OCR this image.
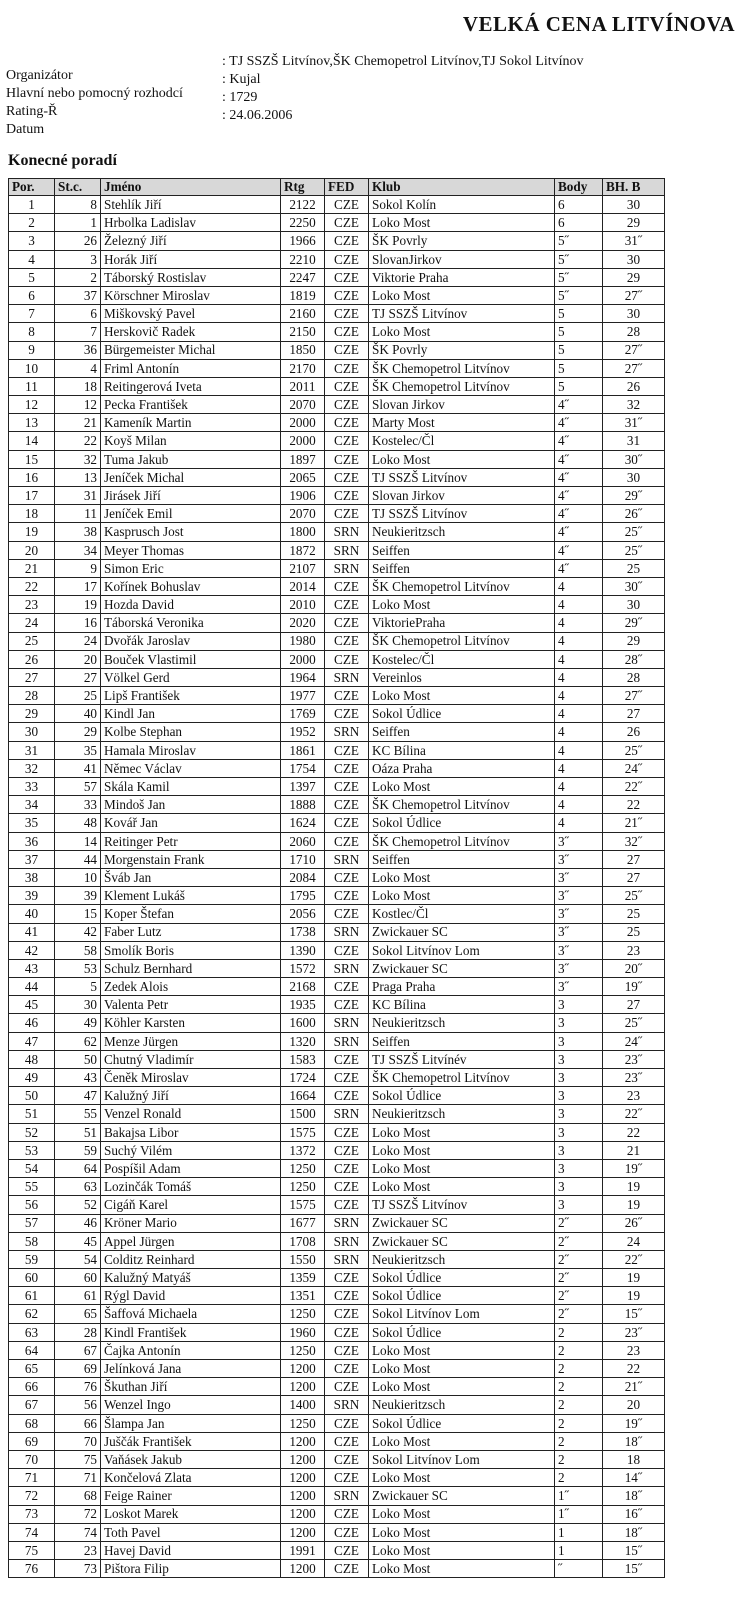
VELKÁ CENA LITVÍNOVA
Organizátor
: TJ SSZŠ Litvínov,ŠK Chemopetrol Litvínov,TJ Sokol Litvínov
Hlavní nebo pomocný rozhodcí
: Kujal
Rating-Ř
: 1729
Datum
: 24.06.2006
Konecné poradí
Por.	St.c.	Jméno	Rtg	FED	Klub	Body	BH. B
1	8	Stehlík Jiří	2122	CZE	Sokol Kolín	6	30
2	1	Hrbolka Ladislav	2250	CZE	Loko Most	6	29
3	26	Železný Jiří	1966	CZE	ŠK Povrly	5˝	31˝
4	3	Horák Jiří	2210	CZE	SlovanJirkov	5˝	30
5	2	Táborský Rostislav	2247	CZE	Viktorie Praha	5˝	29
6	37	Körschner Miroslav	1819	CZE	Loko Most	5˝	27˝
7	6	Miškovský Pavel	2160	CZE	TJ SSZŠ Litvínov	5	30
8	7	Herskovič Radek	2150	CZE	Loko Most	5	28
9	36	Bürgemeister Michal	1850	CZE	ŠK Povrly	5	27˝
10	4	Friml Antonín	2170	CZE	ŠK Chemopetrol Litvínov	5	27˝
11	18	Reitingerová Iveta	2011	CZE	ŠK Chemopetrol Litvínov	5	26
12	12	Pecka František	2070	CZE	Slovan Jirkov	4˝	32
13	21	Kameník Martin	2000	CZE	Marty Most	4˝	31˝
14	22	Koyš Milan	2000	CZE	Kostelec/Čl	4˝	31
15	32	Tuma Jakub	1897	CZE	Loko Most	4˝	30˝
16	13	Jeníček Michal	2065	CZE	TJ SSZŠ Litvínov	4˝	30
17	31	Jirásek Jiří	1906	CZE	Slovan Jirkov	4˝	29˝
18	11	Jeníček Emil	2070	CZE	TJ SSZŠ Litvínov	4˝	26˝
19	38	Kasprusch Jost	1800	SRN	Neukieritzsch	4˝	25˝
20	34	Meyer Thomas	1872	SRN	Seiffen	4˝	25˝
21	9	Simon Eric	2107	SRN	Seiffen	4˝	25
22	17	Kořínek Bohuslav	2014	CZE	ŠK Chemopetrol Litvínov	4	30˝
23	19	Hozda David	2010	CZE	Loko Most	4	30
24	16	Táborská Veronika	2020	CZE	ViktoriePraha	4	29˝
25	24	Dvořák Jaroslav	1980	CZE	ŠK Chemopetrol Litvínov	4	29
26	20	Bouček Vlastimil	2000	CZE	Kostelec/Čl	4	28˝
27	27	Völkel Gerd	1964	SRN	Vereinlos	4	28
28	25	Lipš František	1977	CZE	Loko Most	4	27˝
29	40	Kindl Jan	1769	CZE	Sokol Údlice	4	27
30	29	Kolbe Stephan	1952	SRN	Seiffen	4	26
31	35	Hamala Miroslav	1861	CZE	KC Bílina	4	25˝
32	41	Němec Václav	1754	CZE	Oáza Praha	4	24˝
33	57	Skála Kamil	1397	CZE	Loko Most	4	22˝
34	33	Mindoš Jan	1888	CZE	ŠK Chemopetrol Litvínov	4	22
35	48	Kovář Jan	1624	CZE	Sokol Údlice	4	21˝
36	14	Reitinger Petr	2060	CZE	ŠK Chemopetrol Litvínov	3˝	32˝
37	44	Morgenstain Frank	1710	SRN	Seiffen	3˝	27
38	10	Šváb Jan	2084	CZE	Loko Most	3˝	27
39	39	Klement Lukáš	1795	CZE	Loko Most	3˝	25˝
40	15	Koper Štefan	2056	CZE	Kostlec/Čl	3˝	25
41	42	Faber Lutz	1738	SRN	Zwickauer SC	3˝	25
42	58	Smolík Boris	1390	CZE	Sokol Litvínov Lom	3˝	23
43	53	Schulz Bernhard	1572	SRN	Zwickauer SC	3˝	20˝
44	5	Zedek Alois	2168	CZE	Praga Praha	3˝	19˝
45	30	Valenta Petr	1935	CZE	KC Bílina	3	27
46	49	Köhler Karsten	1600	SRN	Neukieritzsch	3	25˝
47	62	Menze Jürgen	1320	SRN	Seiffen	3	24˝
48	50	Chutný Vladimír	1583	CZE	TJ SSZŠ Litvínév	3	23˝
49	43	Čeněk Miroslav	1724	CZE	ŠK Chemopetrol Litvínov	3	23˝
50	47	Kalužný Jiří	1664	CZE	Sokol Údlice	3	23
51	55	Venzel Ronald	1500	SRN	Neukieritzsch	3	22˝
52	51	Bakajsa Libor	1575	CZE	Loko Most	3	22
53	59	Suchý Vilém	1372	CZE	Loko Most	3	21
54	64	Pospíšil Adam	1250	CZE	Loko Most	3	19˝
55	63	Lozinčák Tomáš	1250	CZE	Loko Most	3	19
56	52	Cigáň Karel	1575	CZE	TJ SSZŠ Litvínov	3	19
57	46	Kröner Mario	1677	SRN	Zwickauer SC	2˝	26˝
58	45	Appel Jürgen	1708	SRN	Zwickauer SC	2˝	24
59	54	Colditz Reinhard	1550	SRN	Neukieritzsch	2˝	22˝
60	60	Kalužný Matyáš	1359	CZE	Sokol Údlice	2˝	19
61	61	Rýgl David	1351	CZE	Sokol Údlice	2˝	19
62	65	Šaffová Michaela	1250	CZE	Sokol Litvínov Lom	2˝	15˝
63	28	Kindl František	1960	CZE	Sokol Údlice	2	23˝
64	67	Čajka Antonín	1250	CZE	Loko Most	2	23
65	69	Jelínková Jana	1200	CZE	Loko Most	2	22
66	76	Škuthan Jiří	1200	CZE	Loko Most	2	21˝
67	56	Wenzel Ingo	1400	SRN	Neukieritzsch	2	20
68	66	Šlampa Jan	1250	CZE	Sokol Údlice	2	19˝
69	70	Juščák František	1200	CZE	Loko Most	2	18˝
70	75	Vaňásek Jakub	1200	CZE	Sokol Litvínov Lom	2	18
71	71	Končelová Zlata	1200	CZE	Loko Most	2	14˝
72	68	Feige Rainer	1200	SRN	Zwickauer SC	1˝	18˝
73	72	Loskot Marek	1200	CZE	Loko Most	1˝	16˝
74	74	Toth Pavel	1200	CZE	Loko Most	1	18˝
75	23	Havej David	1991	CZE	Loko Most	1	15˝
76	73	Pištora Filip	1200	CZE	Loko Most	˝	15˝
